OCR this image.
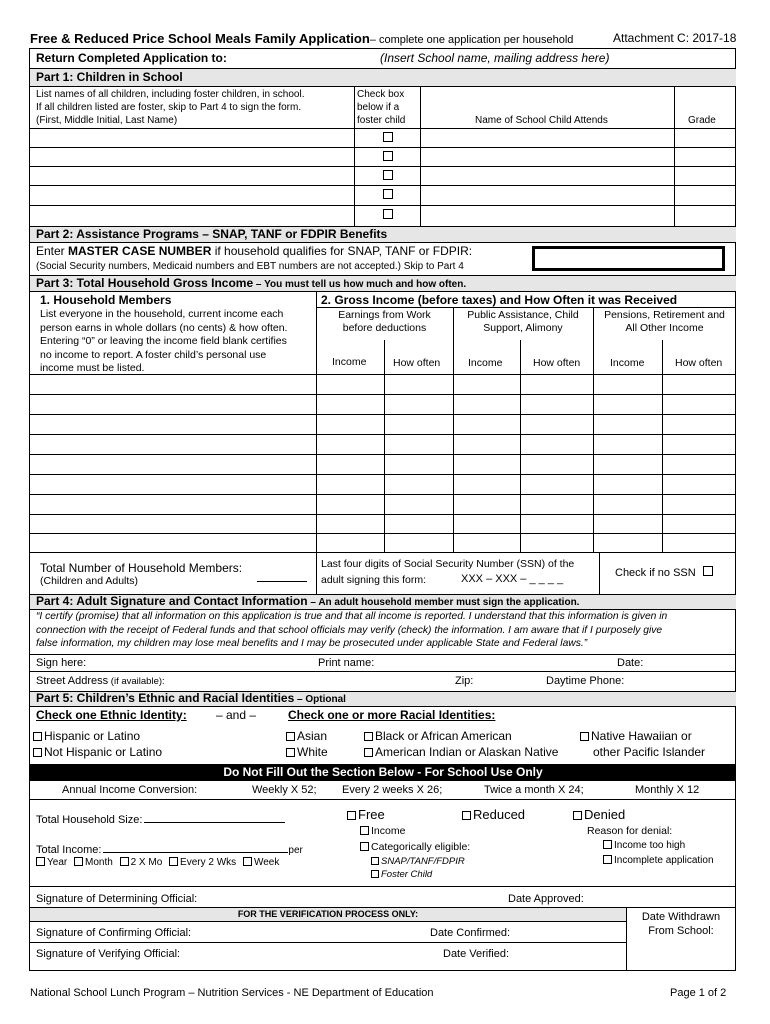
Free & Reduced Price School Meals Family Application– complete one application per household	Attachment C: 2017-18
Return Completed Application to:	(Insert School name, mailing address here)
Part 1: Children in School
List names of all children, including foster children, in school.
If all children listed are foster, skip to Part 4 to sign the form.
(First, Middle Initial, Last Name)
Check box
below if a
foster child	Name of School Child Attends	Grade
Part 2: Assistance Programs – SNAP, TANF or FDPIR Benefits
Enter MASTER CASE NUMBER if household qualifies for SNAP, TANF or FDPIR:
(Social Security numbers, Medicaid numbers and EBT numbers are not accepted.) Skip to Part 4
Part 3: Total Household Gross Income – You must tell us how much and how often.
1. Household Members	2. Gross Income (before taxes) and How Often it was Received
List everyone in the household, current income each
person earns in whole dollars (no cents) & how often.
Entering “0” or leaving the income field blank certifies
no income to report. A foster child’s personal use
income must be listed.
Earnings from Work
before deductions
Public Assistance, Child
Support, Alimony
Pensions, Retirement and
All Other Income
Income	How often	Income	How often	Income	How often
Total Number of Household Members:
(Children and Adults)
Last four digits of Social Security Number (SSN) of the
adult signing this form:	XXX – XXX – _ _ _ _	Check if no SSN
Part 4: Adult Signature and Contact Information – An adult household member must sign the application.
“I certify (promise) that all information on this application is true and that all income is reported. I understand that this information is given in
connection with the receipt of Federal funds and that school officials may verify (check) the information. I am aware that if I purposely give
false information, my children may lose meal benefits and I may be prosecuted under applicable State and Federal laws.”
Sign here:	Print name:	Date:
Street Address (if available):	Zip:	Daytime Phone:
Part 5: Children’s Ethnic and Racial Identities – Optional
Check one Ethnic Identity: – and –	Check one or more Racial Identities:
Hispanic or Latino
Not Hispanic or Latino
Asian
White
Black or African American
American Indian or Alaskan Native
Native Hawaiian or
other Pacific Islander
Do Not Fill Out the Section Below - For School Use Only
Annual Income Conversion:	Weekly X 52; Every 2 weeks X 26;	Twice a month X 24;	Monthly X 12
Total Household Size:
Total Income:	per
Year Month 2 X Mo Every 2 Wks Week
Free	Reduced	Denied
Income
Categorically eligible:
SNAP/TANF/FDPIR
Foster Child
Reason for denial:
Income too high
Incomplete application
Signature of Determining Official:	Date Approved:
FOR THE VERIFICATION PROCESS ONLY:	Date Withdrawn
From School:
Signature of Confirming Official:	Date Confirmed:
Signature of Verifying Official:	Date Verified:
National School Lunch Program – Nutrition Services - NE Department of Education	Page 1 of 2
